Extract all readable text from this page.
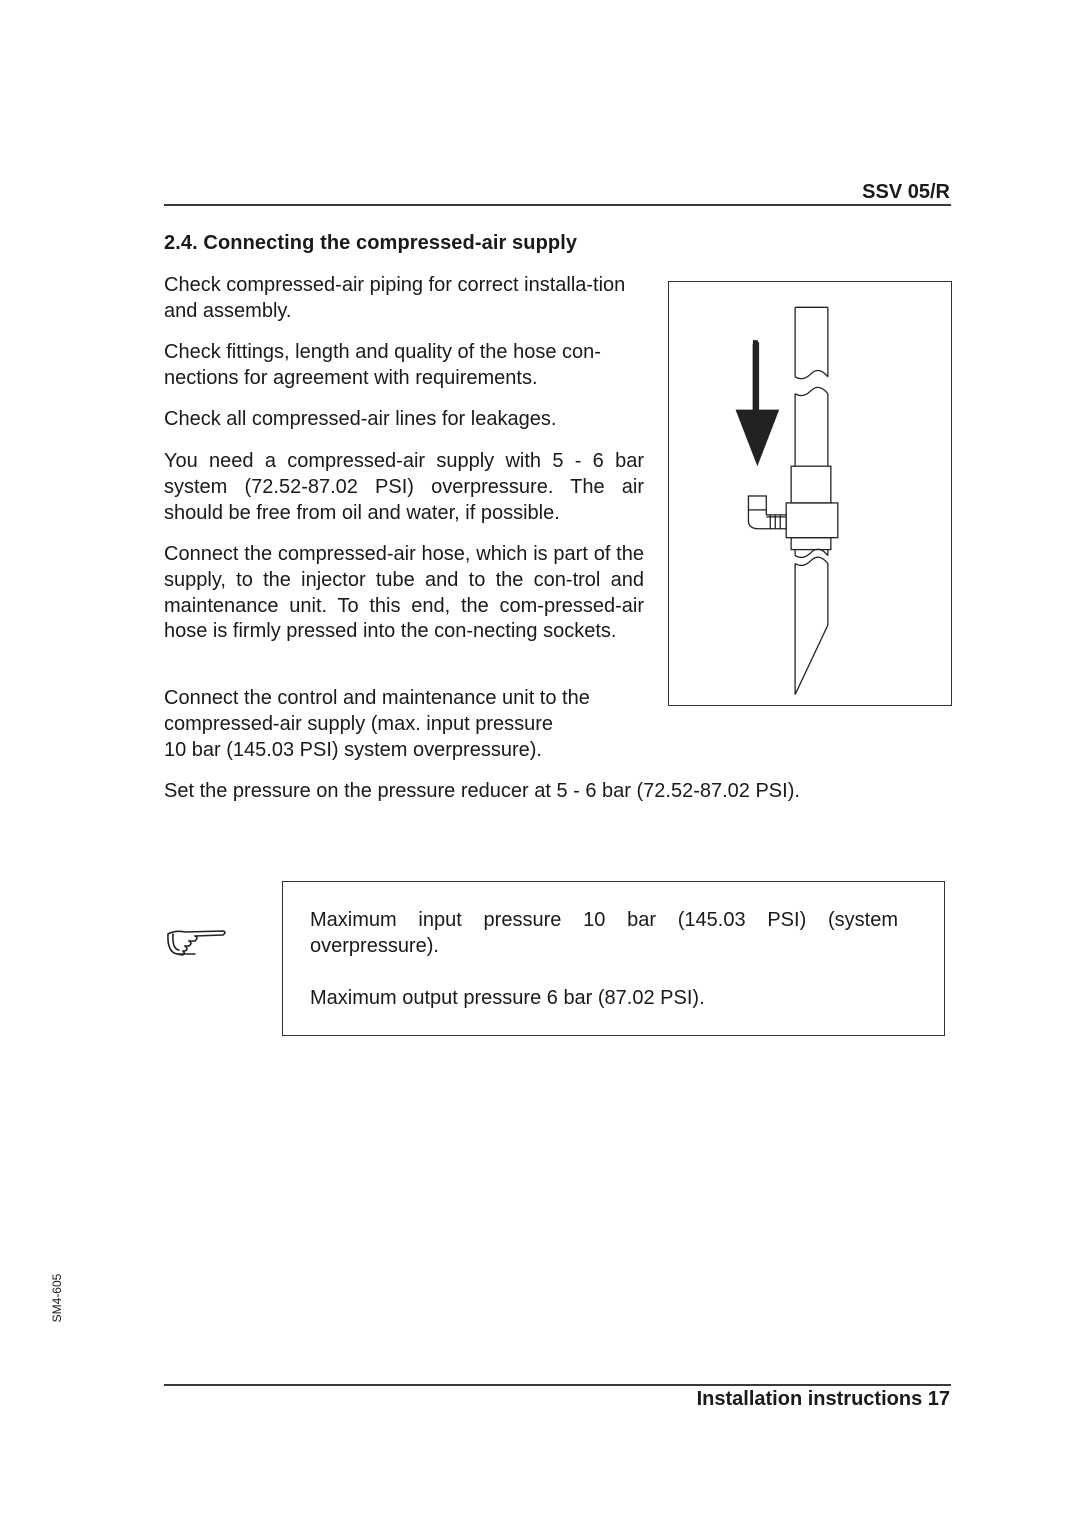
SSV 05/R
2.4. Connecting the compressed-air supply

Check compressed-air piping for correct installa-tion and assembly.

Check fittings, length and quality of the hose con-nections for agreement with requirements.

Check all compressed-air lines for leakages.

You need a compressed-air supply with 5 - 6 bar system (72.52-87.02 PSI) overpressure. The air should be free from oil and water, if possible.

Connect the compressed-air hose, which is part of the supply, to the injector tube and to the con-trol and maintenance unit. To this end, the com-pressed-air hose is firmly pressed into the con-necting sockets.

Connect the control and maintenance unit to the
compressed-air supply (max. input pressure
10 bar (145.03 PSI) system overpressure).

Set the pressure on the pressure reducer at 5 - 6 bar (72.52-87.02 PSI).

Maximum input pressure 10 bar (145.03 PSI) (system overpressure).

Maximum output pressure 6 bar (87.02 PSI).

SM4-605
Installation instructions 17
